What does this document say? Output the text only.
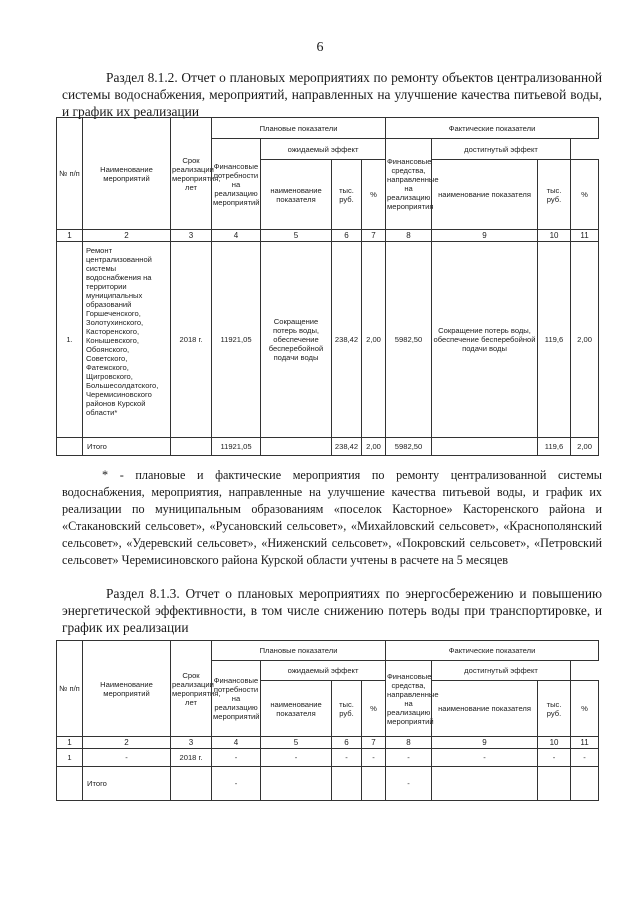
6

Раздел 8.1.2. Отчет о плановых мероприятиях по ремонту объектов централизованной системы водоснабжения, мероприятий, направленных на улучшение качества питьевой воды, и график их реализации

№ п/п	Наименование мероприятий	Срок реализации мероприятия, лет	Плановые показатели				Фактические показатели			
			Финансовые потребности на реализацию мероприятий	ожидаемый эффект			Финансовые средства, направленные на реализацию мероприятия	достигнутый эффект		
				наименование показателя	тыс. руб.	%		наименование показателя	тыс. руб.	%
1	2	3	4	5	6	7	8	9	10	11
1.	Ремонт централизованной системы водоснабжения на территории муниципальных образований Горшеченского, Золотухинского, Касторенского, Конышевского, Обоянского, Советского, Фатежского, Щигровского, Большесолдатского, Черемисиновского районов Курской области*	2018 г.	11921,05	Сокращение потерь воды, обеспечение бесперебойной подачи воды	238,42	2,00	5982,50	Сокращение потерь воды, обеспечение бесперебойной подачи воды	119,6	2,00
	Итого		11921,05		238,42	2,00	5982,50		119,6	2,00

* - плановые и фактические мероприятия по ремонту централизованной системы водоснабжения, мероприятия, направленные на улучшение качества питьевой воды, и график их реализации по муниципальным образованиям «поселок Касторное» Касторенского района и «Стакановский сельсовет», «Русановский сельсовет», «Михайловский сельсовет», «Краснополянский сельсовет», «Удеревский сельсовет», «Ниженский сельсовет», «Покровский сельсовет», «Петровский сельсовет» Черемисиновского района Курской области учтены в расчете на 5 месяцев

Раздел 8.1.3. Отчет о плановых мероприятиях по энергосбережению и повышению энергетической эффективности, в том числе снижению потерь воды при транспортировке, и график их реализации

№ п/п	Наименование мероприятий	Срок реализации мероприятия, лет	Плановые показатели				Фактические показатели			
			Финансовые потребности на реализацию мероприятий	ожидаемый эффект			Финансовые средства, направленные на реализацию мероприятий	достигнутый эффект		
				наименование показателя	тыс. руб.	%		наименование показателя	тыс. руб.	%
1	2	3	4	5	6	7	8	9	10	11
1	-	2018 г.	-	-	-	-	-	-	-	-
	Итого		-				-			
